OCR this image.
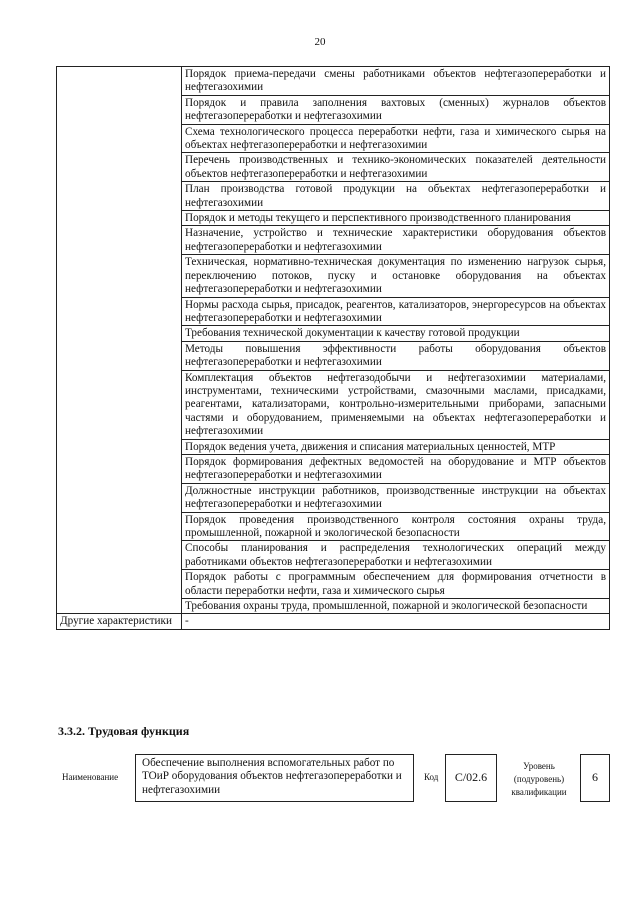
20
	Порядок приема-передачи смены работниками объектов нефтегазопереработки и нефтегазохимии
	Порядок и правила заполнения вахтовых (сменных) журналов объектов нефтегазопереработки и нефтегазохимии
	Схема технологического процесса переработки нефти, газа и химического сырья на объектах нефтегазопереработки и нефтегазохимии
	Перечень производственных и технико-экономических показателей деятельности объектов нефтегазопереработки и нефтегазохимии
	План производства готовой продукции на объектах нефтегазопереработки и нефтегазохимии
	Порядок и методы текущего и перспективного производственного планирования
	Назначение, устройство и технические характеристики оборудования объектов нефтегазопереработки и нефтегазохимии
	Техническая, нормативно-техническая документация по изменению нагрузок сырья, переключению потоков, пуску и остановке оборудования на объектах нефтегазопереработки и нефтегазохимии
	Нормы расхода сырья, присадок, реагентов, катализаторов, энергоресурсов на объектах нефтегазопереработки и нефтегазохимии
	Требования технической документации к качеству готовой продукции
	Методы повышения эффективности работы оборудования объектов нефтегазопереработки и нефтегазохимии
	Комплектация объектов нефтегазодобычи и нефтегазохимии материалами, инструментами, техническими устройствами, смазочными маслами, присадками, реагентами, катализаторами, контрольно-измерительными приборами, запасными частями и оборудованием, применяемыми на объектах нефтегазопереработки и нефтегазохимии
	Порядок ведения учета, движения и списания материальных ценностей, МТР
	Порядок формирования дефектных ведомостей на оборудование и МТР объектов нефтегазопереработки и нефтегазохимии
	Должностные инструкции работников, производственные инструкции на объектах нефтегазопереработки и нефтегазохимии
	Порядок проведения производственного контроля состояния охраны труда, промышленной, пожарной и экологической безопасности
	Способы планирования и распределения технологических операций между работниками объектов нефтегазопереработки и нефтегазохимии
	Порядок работы с программным обеспечением для формирования отчетности в области переработки нефти, газа и химического сырья
	Требования охраны труда, промышленной, пожарной и экологической безопасности
Другие характеристики	-
3.3.2. Трудовая функция
Наименование
Обеспечение выполнения вспомогательных работ по ТОиР оборудования объектов нефтегазопереработки и нефтегазохимии
Код	С/02.6
Уровень (подуровень) квалификации
6
